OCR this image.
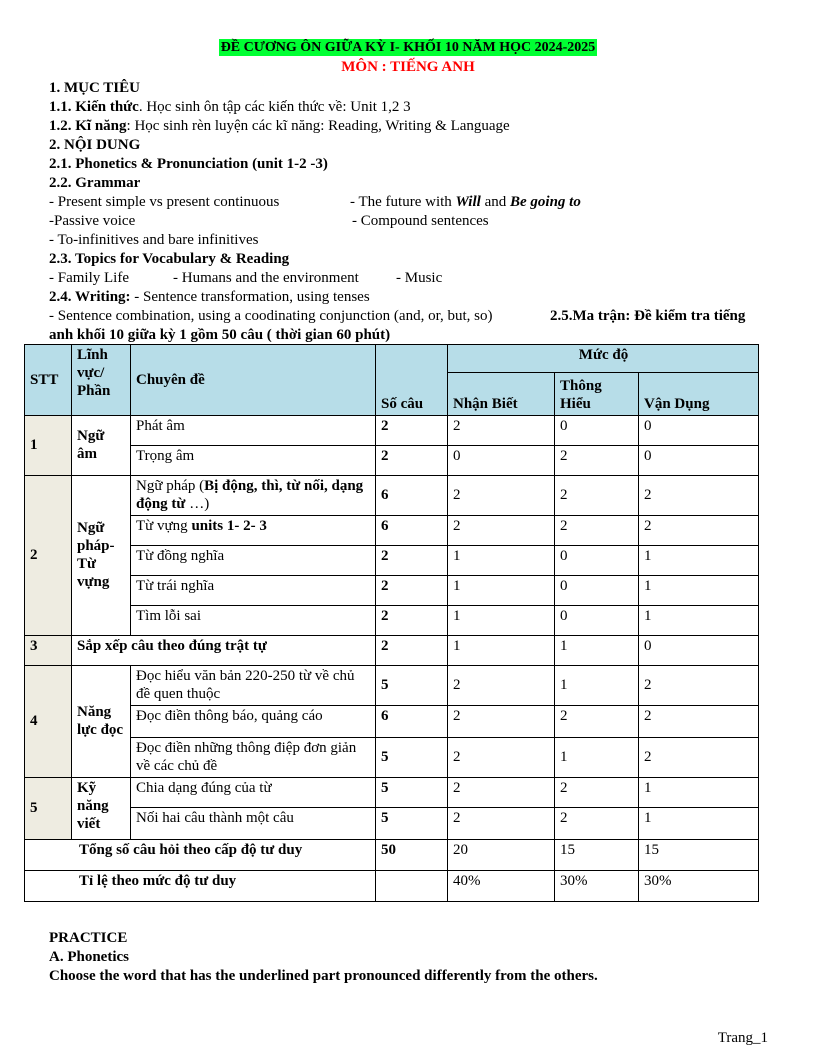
ĐỀ CƯƠNG ÔN GIỮA KỲ I- KHỐI 10 NĂM HỌC 2024-2025
MÔN : TIẾNG ANH
1. MỤC TIÊU
1.1. Kiến thức. Học sinh ôn tập các kiến thức về: Unit 1,2 3
1.2. Kĩ năng: Học sinh rèn luyện các kĩ năng: Reading, Writing & Language
2. NỘI DUNG
2.1. Phonetics & Pronunciation (unit 1-2 -3)
2.2. Grammar
- Present simple vs present continuous	- The future with Will and Be going to
-Passive voice	- Compound sentences
- To-infinitives and bare infinitives
2.3. Topics for Vocabulary & Reading
- Family Life	- Humans and the environment - Music
2.4. Writing: - Sentence transformation, using tenses
- Sentence combination, using a coodinating conjunction (and, or, but, so)	2.5.Ma trận: Đề kiểm tra tiếng
anh khối 10 giữa kỳ 1 gồm 50 câu ( thời gian 60 phút)
STT	Lĩnh vực/ Phần	Chuyên đề	Số câu	Mức độ		
				Nhận Biết	Thông Hiểu	Vận Dụng
1	Ngữ âm	Phát âm	2	2	0	0
		Trọng âm	2	0	2	0
2	Ngữ pháp- Từ vựng	Ngữ pháp (Bị động, thì, từ nối, dạng động từ …)	6	2	2	2
		Từ vựng units 1- 2- 3	6	2	2	2
		Từ đồng nghĩa	2	1	0	1
		Từ trái nghĩa	2	1	0	1
		Tìm lỗi sai	2	1	0	1
3	Sắp xếp câu theo đúng trật tự		2	1	1	0
4	Năng lực đọc	Đọc hiểu văn bản 220-250 từ về chủ đề quen thuộc	5	2	1	2
		Đọc điền thông báo, quảng cáo	6	2	2	2
		Đọc điền những thông điệp đơn giản về các chủ đề	5	2	1	2
5	Kỹ năng viết	Chia dạng đúng của từ	5	2	2	1
		Nối hai câu thành một câu	5	2	2	1
Tổng số câu hỏi theo cấp độ tư duy			50	20	15	15
Tỉ lệ theo mức độ tư duy				40%	30%	30%
PRACTICE
A. Phonetics
Choose the word that has the underlined part pronounced differently from the others.
Trang_1
